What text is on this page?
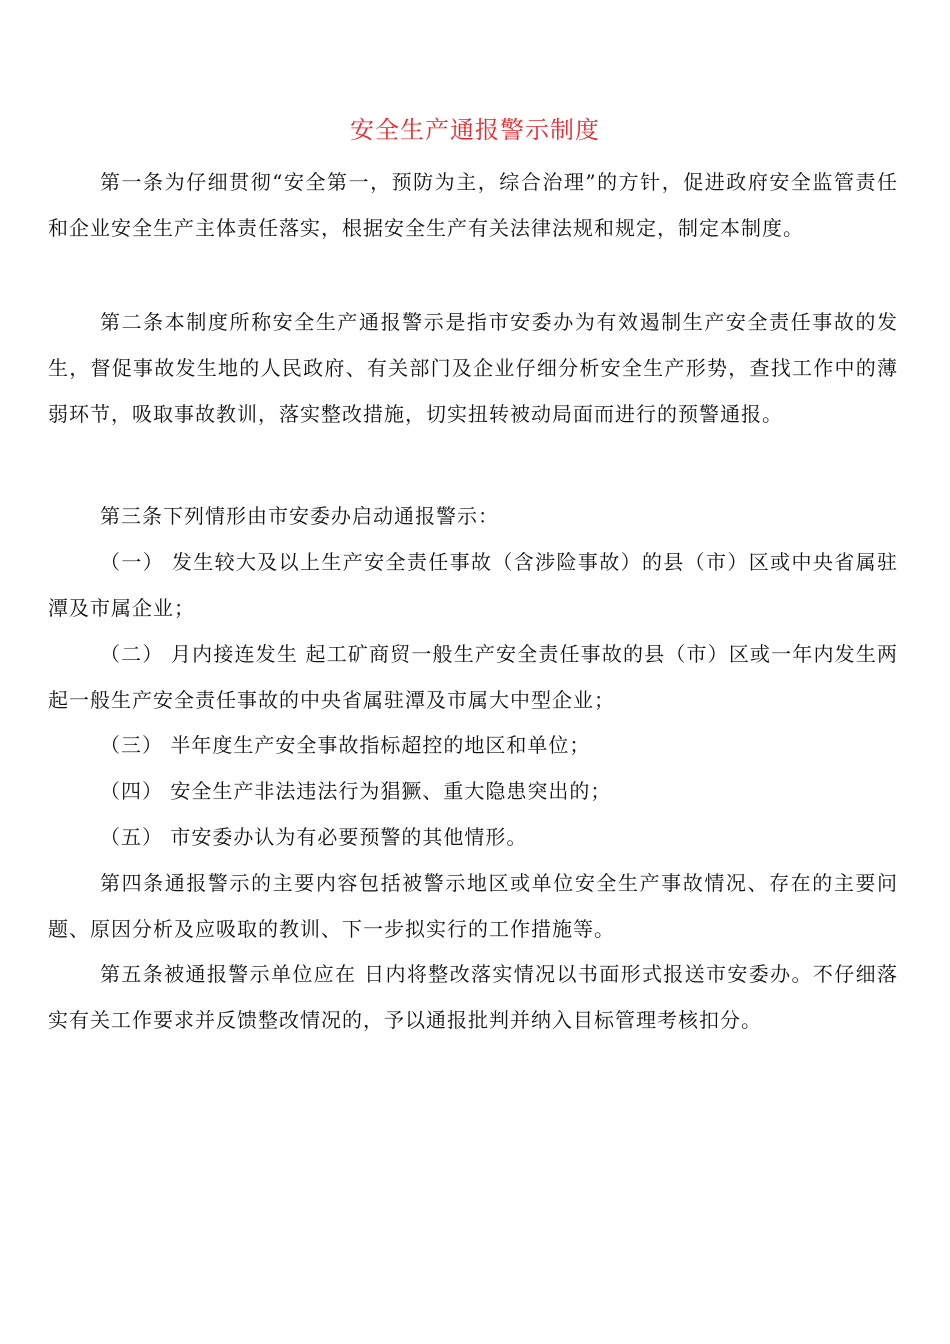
安全生产通报警示制度
第一条为仔细贯彻“安全第一，预防为主，综合治理”的方针，促进政府安全监管责任和企业安全生产主体责任落实，根据安全生产有关法律法规和规定，制定本制度。
第二条本制度所称安全生产通报警示是指市安委办为有效遏制生产安全责任事故的发生，督促事故发生地的人民政府、有关部门及企业仔细分析安全生产形势，查找工作中的薄弱环节，吸取事故教训，落实整改措施，切实扭转被动局面而进行的预警通报。
第三条下列情形由市安委办启动通报警示：
（一） 发生较大及以上生产安全责任事故（含涉险事故）的县（市）区或中央省属驻潭及市属企业；
（二） 月内接连发生 起工矿商贸一般生产安全责任事故的县（市）区或一年内发生两起一般生产安全责任事故的中央省属驻潭及市属大中型企业；
（三） 半年度生产安全事故指标超控的地区和单位；
（四） 安全生产非法违法行为猖獗、重大隐患突出的；
（五） 市安委办认为有必要预警的其他情形。
第四条通报警示的主要内容包括被警示地区或单位安全生产事故情况、存在的主要问题、原因分析及应吸取的教训、下一步拟实行的工作措施等。
第五条被通报警示单位应在 日内将整改落实情况以书面形式报送市安委办。不仔细落实有关工作要求并反馈整改情况的，予以通报批判并纳入目标管理考核扣分。
